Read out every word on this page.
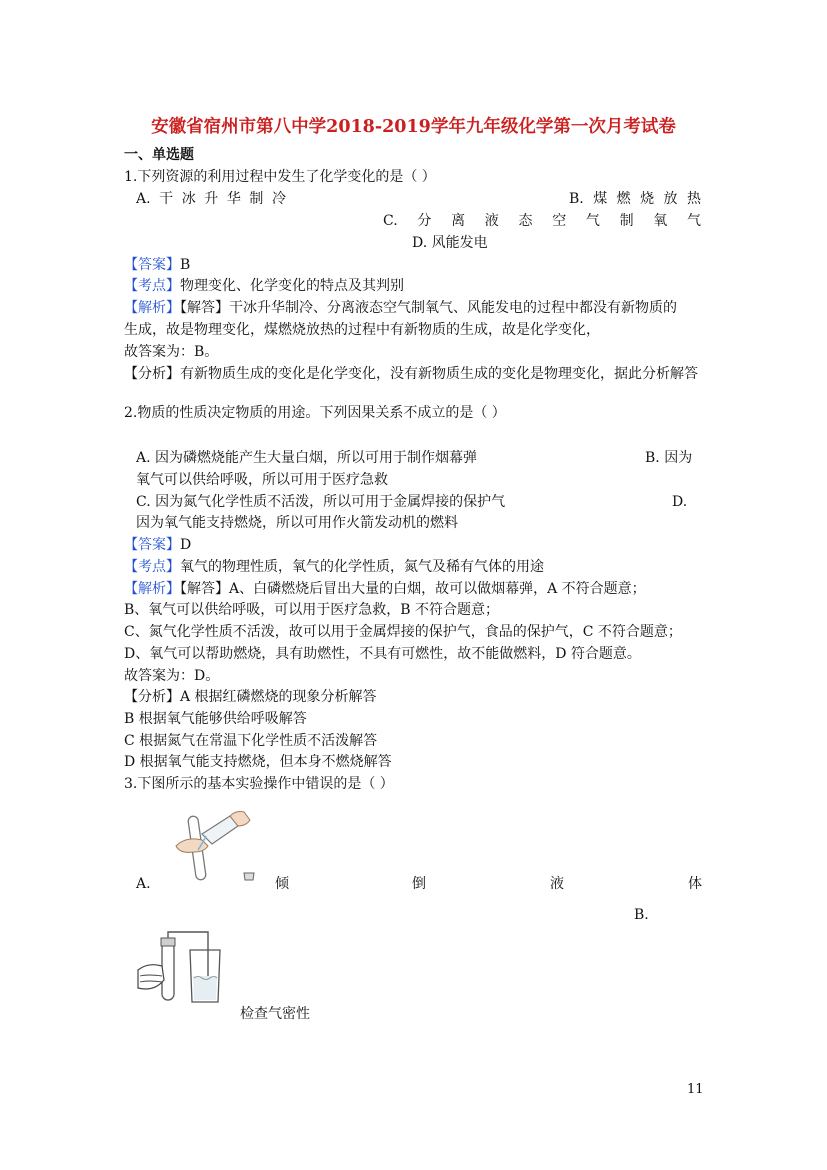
安徽省宿州市第八中学2018-2019学年九年级化学第一次月考试卷
一、单选题
1.下列资源的利用过程中发生了化学变化的是（ ）
A. 干 冰 升 华 制 冷	B. 煤 燃 烧 放 热
C. 分 离 液 态 空 气 制 氧 气
D. 风能发电
【答案】B
【考点】物理变化、化学变化的特点及其判别
【解析】【解答】干冰升华制冷、分离液态空气制氧气、风能发电的过程中都没有新物质的
生成，故是物理变化，煤燃烧放热的过程中有新物质的生成，故是化学变化，
故答案为：B。
【分析】有新物质生成的变化是化学变化，没有新物质生成的变化是物理变化，据此分析解答
2.物质的性质决定物质的用途。下列因果关系不成立的是（ ）
A. 因为磷燃烧能产生大量白烟，所以可用于制作烟幕弹	B. 因为
氧气可以供给呼吸，所以可用于医疗急救
C. 因为氮气化学性质不活泼，所以可用于金属焊接的保护气	D.
因为氧气能支持燃烧，所以可用作火箭发动机的燃料
【答案】D
【考点】氧气的物理性质，氧气的化学性质，氮气及稀有气体的用途
【解析】【解答】A、白磷燃烧后冒出大量的白烟，故可以做烟幕弹，A 不符合题意；
B、氧气可以供给呼吸，可以用于医疗急救，B 不符合题意；
C、氮气化学性质不活泼，故可以用于金属焊接的保护气，食品的保护气，C 不符合题意；
D、氧气可以帮助燃烧，具有助燃性，不具有可燃性，故不能做燃料，D 符合题意。
故答案为：D。
【分析】A 根据红磷燃烧的现象分析解答
B 根据氧气能够供给呼吸解答
C 根据氮气在常温下化学性质不活泼解答
D 根据氧气能支持燃烧，但本身不燃烧解答
3.下图所示的基本实验操作中错误的是（ ）
A.	倾	倒	液	体
B.
检查气密性
11
